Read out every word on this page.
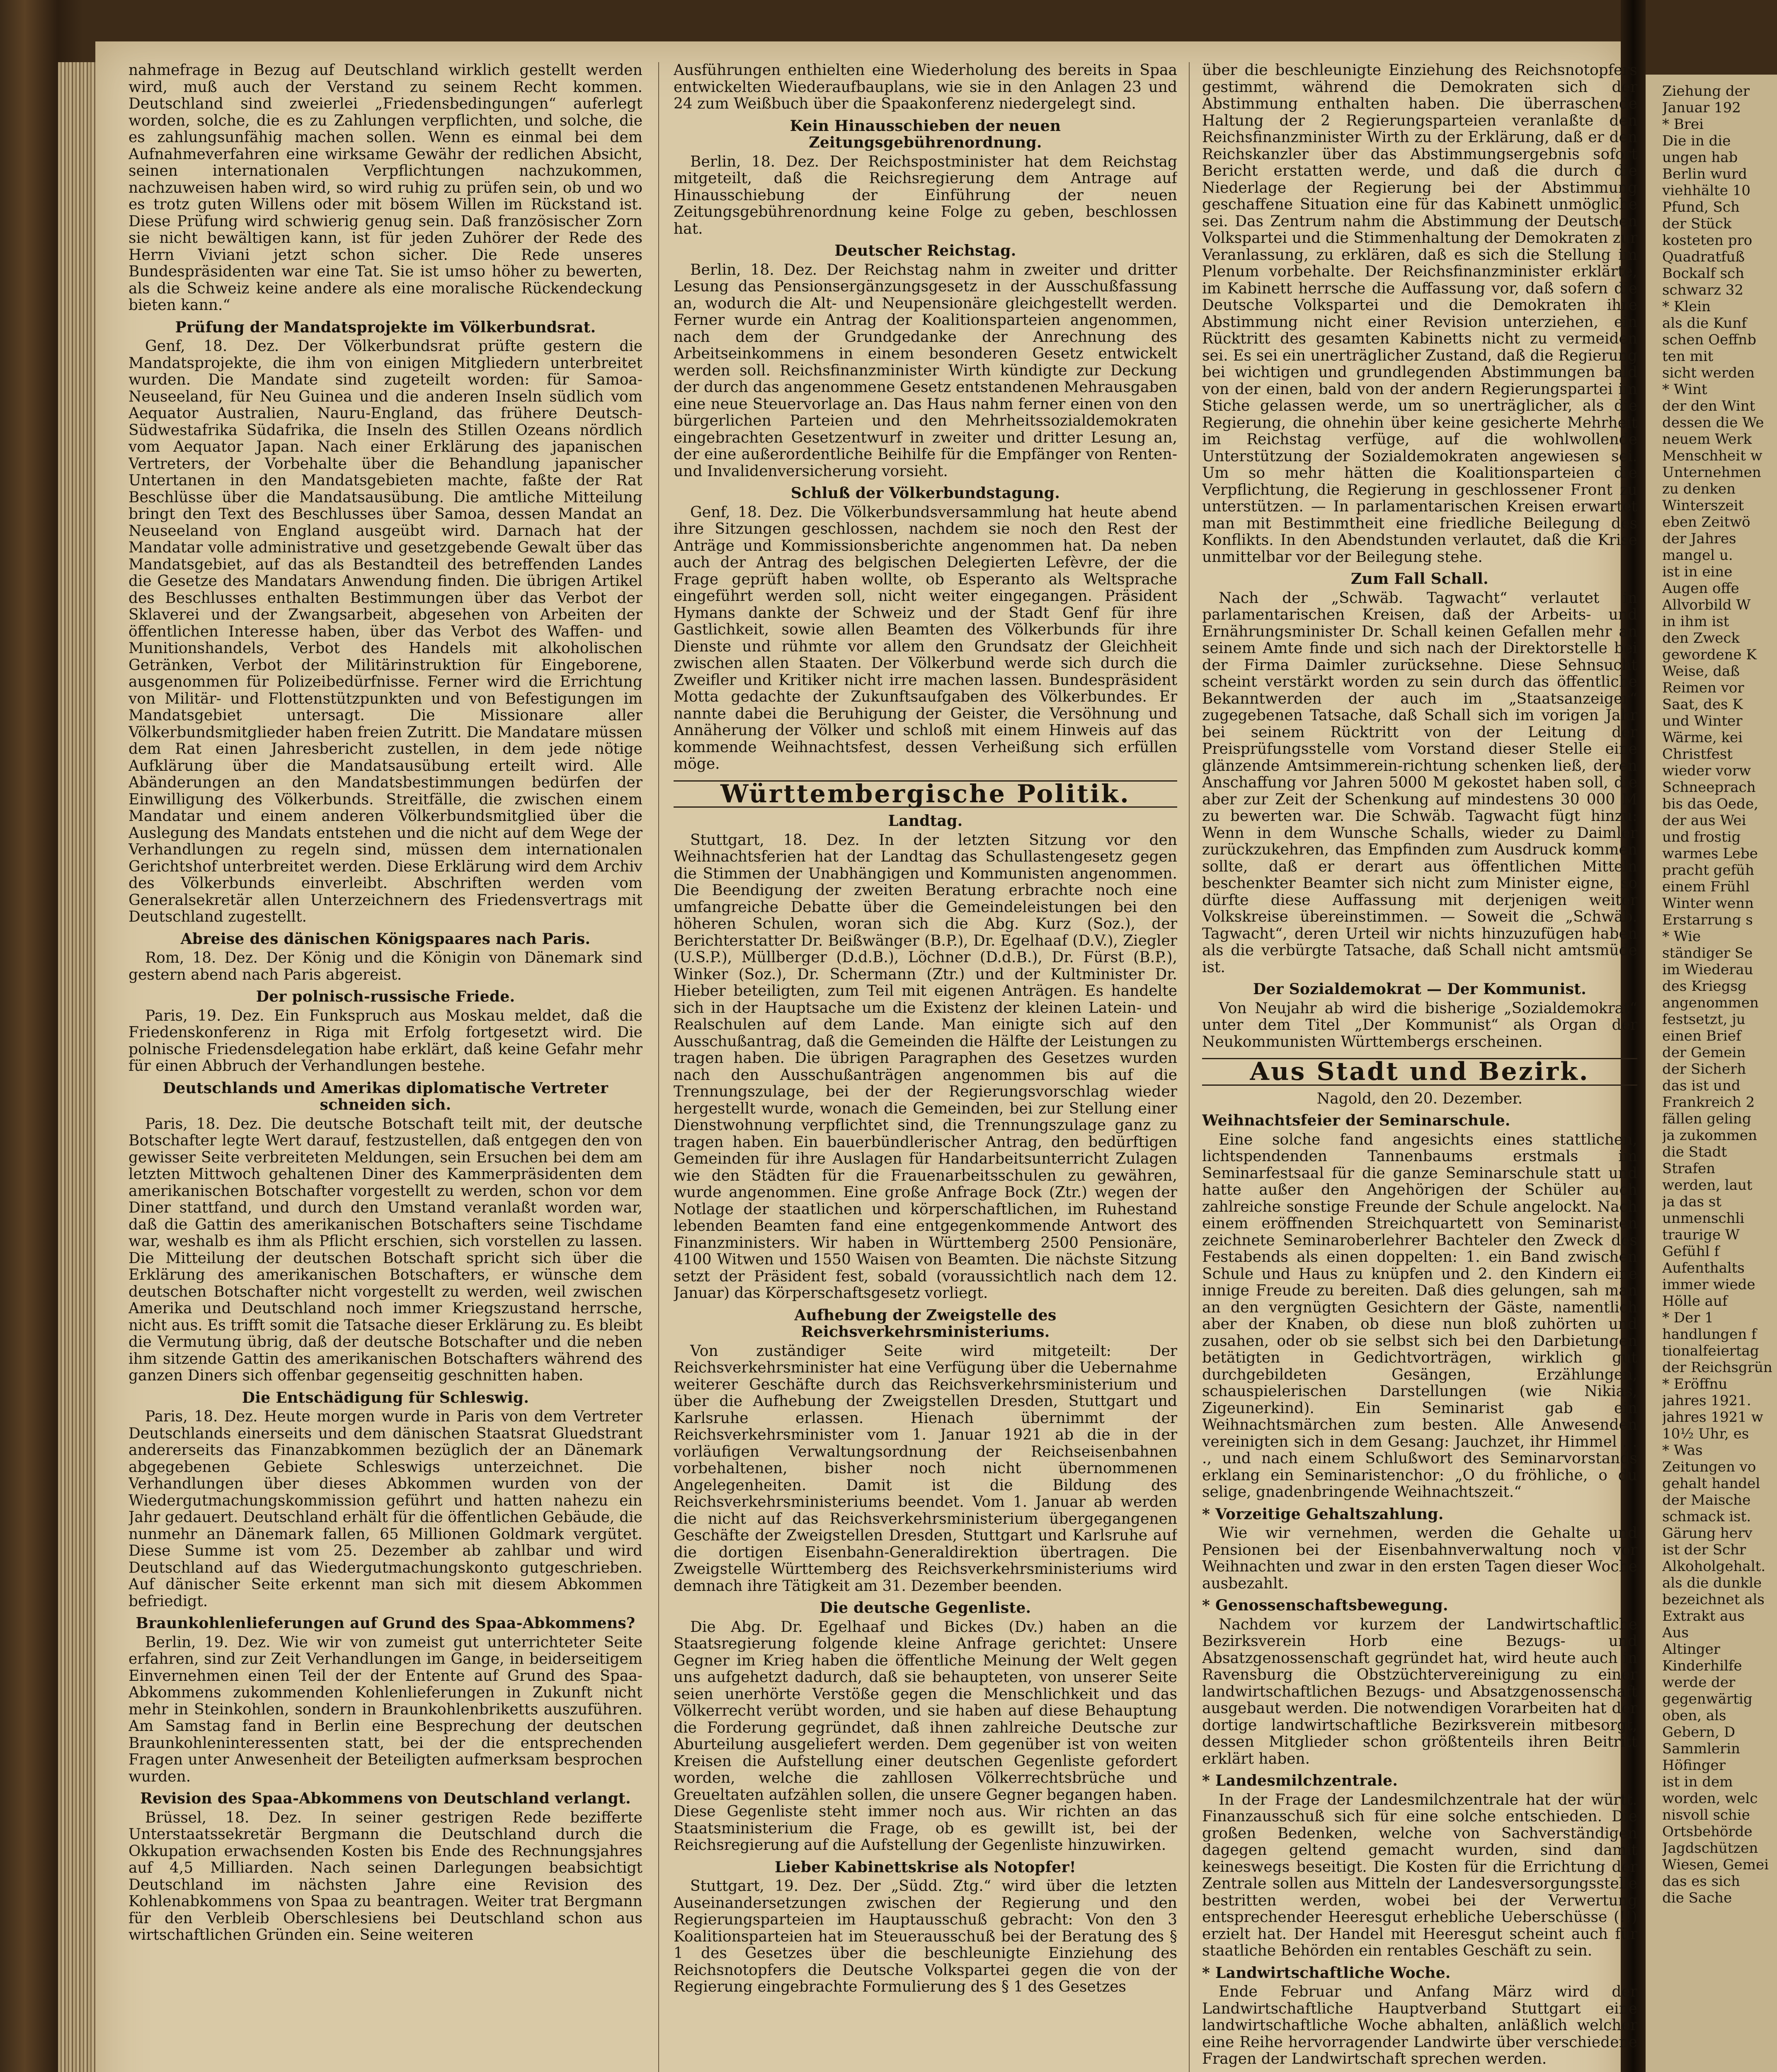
nahmefrage in Bezug auf Deutschland wirklich gestellt werden wird, muß auch der Verstand zu seinem Recht kommen. Deutschland sind zweierlei „Friedensbedingungen“ auferlegt worden, solche, die es zu Zahlungen verpflichten, und solche, die es zahlungsunfähig machen sollen. Wenn es einmal bei dem Aufnahmeverfahren eine wirksame Gewähr der redlichen Absicht, seinen internationalen Verpflichtungen nachzukommen, nachzuweisen haben wird, so wird ruhig zu prüfen sein, ob und wo es trotz guten Willens oder mit bösem Willen im Rückstand ist. Diese Prüfung wird schwierig genug sein. Daß französischer Zorn sie nicht bewältigen kann, ist für jeden Zuhörer der Rede des Herrn Viviani jetzt schon sicher. Die Rede unseres Bundespräsidenten war eine Tat. Sie ist umso höher zu bewerten, als die Schweiz keine andere als eine moralische Rückendeckung bieten kann.“

Prüfung der Mandatsprojekte im Völkerbundsrat.

Genf, 18. Dez. Der Völkerbundsrat prüfte gestern die Mandatsprojekte, die ihm von einigen Mitgliedern unterbreitet wurden. Die Mandate sind zugeteilt worden: für Samoa-Neuseeland, für Neu Guinea und die anderen Inseln südlich vom Aequator Australien, Nauru-England, das frühere Deutsch-Südwestafrika Südafrika, die Inseln des Stillen Ozeans nördlich vom Aequator Japan. Nach einer Erklärung des japanischen Vertreters, der Vorbehalte über die Behandlung japanischer Untertanen in den Mandatsgebieten machte, faßte der Rat Beschlüsse über die Mandatsausübung. Die amtliche Mitteilung bringt den Text des Beschlusses über Samoa, dessen Mandat an Neuseeland von England ausgeübt wird. Darnach hat der Mandatar volle administrative und gesetzgebende Gewalt über das Mandatsgebiet, auf das als Bestandteil des betreffenden Landes die Gesetze des Mandatars Anwendung finden. Die übrigen Artikel des Beschlusses enthalten Bestimmungen über das Verbot der Sklaverei und der Zwangsarbeit, abgesehen von Arbeiten der öffentlichen Interesse haben, über das Verbot des Waffen- und Munitionshandels, Verbot des Handels mit alkoholischen Getränken, Verbot der Militärinstruktion für Eingeborene, ausgenommen für Polizeibedürfnisse. Ferner wird die Errichtung von Militär- und Flottenstützpunkten und von Befestigungen im Mandatsgebiet untersagt. Die Missionare aller Völkerbundsmitglieder haben freien Zutritt. Die Mandatare müssen dem Rat einen Jahresbericht zustellen, in dem jede nötige Aufklärung über die Mandatsausübung erteilt wird. Alle Abänderungen an den Mandatsbestimmungen bedürfen der Einwilligung des Völkerbunds. Streitfälle, die zwischen einem Mandatar und einem anderen Völkerbundsmitglied über die Auslegung des Mandats entstehen und die nicht auf dem Wege der Verhandlungen zu regeln sind, müssen dem internationalen Gerichtshof unterbreitet werden. Diese Erklärung wird dem Archiv des Völkerbunds einverleibt. Abschriften werden vom Generalsekretär allen Unterzeichnern des Friedensvertrags mit Deutschland zugestellt.

Abreise des dänischen Königspaares nach Paris.

Rom, 18. Dez. Der König und die Königin von Dänemark sind gestern abend nach Paris abgereist.

Der polnisch-russische Friede.

Paris, 19. Dez. Ein Funkspruch aus Moskau meldet, daß die Friedenskonferenz in Riga mit Erfolg fortgesetzt wird. Die polnische Friedensdelegation habe erklärt, daß keine Gefahr mehr für einen Abbruch der Verhandlungen bestehe.

Deutschlands und Amerikas diplomatische Vertreter schneiden sich.

Paris, 18. Dez. Die deutsche Botschaft teilt mit, der deutsche Botschafter legte Wert darauf, festzustellen, daß entgegen den von gewisser Seite verbreiteten Meldungen, sein Ersuchen bei dem am letzten Mittwoch gehaltenen Diner des Kammerpräsidenten dem amerikanischen Botschafter vorgestellt zu werden, schon vor dem Diner stattfand, und durch den Umstand veranlaßt worden war, daß die Gattin des amerikanischen Botschafters seine Tischdame war, weshalb es ihm als Pflicht erschien, sich vorstellen zu lassen. Die Mitteilung der deutschen Botschaft spricht sich über die Erklärung des amerikanischen Botschafters, er wünsche dem deutschen Botschafter nicht vorgestellt zu werden, weil zwischen Amerika und Deutschland noch immer Kriegszustand herrsche, nicht aus. Es trifft somit die Tatsache dieser Erklärung zu. Es bleibt die Vermutung übrig, daß der deutsche Botschafter und die neben ihm sitzende Gattin des amerikanischen Botschafters während des ganzen Diners sich offenbar gegenseitig geschnitten haben.

Die Entschädigung für Schleswig.

Paris, 18. Dez. Heute morgen wurde in Paris von dem Vertreter Deutschlands einerseits und dem dänischen Staatsrat Gluedstrant andererseits das Finanzabkommen bezüglich der an Dänemark abgegebenen Gebiete Schleswigs unterzeichnet. Die Verhandlungen über dieses Abkommen wurden von der Wiedergutmachungskommission geführt und hatten nahezu ein Jahr gedauert. Deutschland erhält für die öffentlichen Gebäude, die nunmehr an Dänemark fallen, 65 Millionen Goldmark vergütet. Diese Summe ist vom 25. Dezember ab zahlbar und wird Deutschland auf das Wiedergutmachungskonto gutgeschrieben. Auf dänischer Seite erkennt man sich mit diesem Abkommen befriedigt.

Braunkohlenlieferungen auf Grund des Spaa-Abkommens?

Berlin, 19. Dez. Wie wir von zumeist gut unterrichteter Seite erfahren, sind zur Zeit Verhandlungen im Gange, in beiderseitigem Einvernehmen einen Teil der der Entente auf Grund des Spaa-Abkommens zukommenden Kohlenlieferungen in Zukunft nicht mehr in Steinkohlen, sondern in Braunkohlenbriketts auszuführen. Am Samstag fand in Berlin eine Besprechung der deutschen Braunkohleninteressenten statt, bei der die entsprechenden Fragen unter Anwesenheit der Beteiligten aufmerksam besprochen wurden.

Revision des Spaa-Abkommens von Deutschland verlangt.

Brüssel, 18. Dez. In seiner gestrigen Rede bezifferte Unterstaatssekretär Bergmann die Deutschland durch die Okkupation erwachsenden Kosten bis Ende des Rechnungsjahres auf 4,5 Milliarden. Nach seinen Darlegungen beabsichtigt Deutschland im nächsten Jahre eine Revision des Kohlenabkommens von Spaa zu beantragen. Weiter trat Bergmann für den Verbleib Oberschlesiens bei Deutschland schon aus wirtschaftlichen Gründen ein. Seine weiteren

Ausführungen enthielten eine Wiederholung des bereits in Spaa entwickelten Wiederaufbauplans, wie sie in den Anlagen 23 und 24 zum Weißbuch über die Spaakonferenz niedergelegt sind.

Kein Hinausschieben der neuen Zeitungsgebührenordnung.

Berlin, 18. Dez. Der Reichspostminister hat dem Reichstag mitgeteilt, daß die Reichsregierung dem Antrage auf Hinausschiebung der Einführung der neuen Zeitungsgebührenordnung keine Folge zu geben, beschlossen hat.

Deutscher Reichstag.

Berlin, 18. Dez. Der Reichstag nahm in zweiter und dritter Lesung das Pensionsergänzungsgesetz in der Ausschußfassung an, wodurch die Alt- und Neupensionäre gleichgestellt werden. Ferner wurde ein Antrag der Koalitionsparteien angenommen, nach dem der Grundgedanke der Anrechnung des Arbeitseinkommens in einem besonderen Gesetz entwickelt werden soll. Reichsfinanzminister Wirth kündigte zur Deckung der durch das angenommene Gesetz entstandenen Mehrausgaben eine neue Steuervorlage an. Das Haus nahm ferner einen von den bürgerlichen Parteien und den Mehrheitssozialdemokraten eingebrachten Gesetzentwurf in zweiter und dritter Lesung an, der eine außerordentliche Beihilfe für die Empfänger von Renten- und Invalidenversicherung vorsieht.

Schluß der Völkerbundstagung.

Genf, 18. Dez. Die Völkerbundsversammlung hat heute abend ihre Sitzungen geschlossen, nachdem sie noch den Rest der Anträge und Kommissionsberichte angenommen hat. Da neben auch der Antrag des belgischen Delegierten Lefèvre, der die Frage geprüft haben wollte, ob Esperanto als Weltsprache eingeführt werden soll, nicht weiter eingegangen. Präsident Hymans dankte der Schweiz und der Stadt Genf für ihre Gastlichkeit, sowie allen Beamten des Völkerbunds für ihre Dienste und rühmte vor allem den Grundsatz der Gleichheit zwischen allen Staaten. Der Völkerbund werde sich durch die Zweifler und Kritiker nicht irre machen lassen. Bundespräsident Motta gedachte der Zukunftsaufgaben des Völkerbundes. Er nannte dabei die Beruhigung der Geister, die Versöhnung und Annäherung der Völker und schloß mit einem Hinweis auf das kommende Weihnachtsfest, dessen Verheißung sich erfüllen möge.

Württembergische Politik.
Landtag.

Stuttgart, 18. Dez. In der letzten Sitzung vor den Weihnachtsferien hat der Landtag das Schullastengesetz gegen die Stimmen der Unabhängigen und Kommunisten angenommen. Die Beendigung der zweiten Beratung erbrachte noch eine umfangreiche Debatte über die Gemeindeleistungen bei den höheren Schulen, woran sich die Abg. Kurz (Soz.), der Berichterstatter Dr. Beißwänger (B.P.), Dr. Egelhaaf (D.V.), Ziegler (U.S.P.), Müllberger (D.d.B.), Löchner (D.d.B.), Dr. Fürst (B.P.), Winker (Soz.), Dr. Schermann (Ztr.) und der Kultminister Dr. Hieber beteiligten, zum Teil mit eigenen Anträgen. Es handelte sich in der Hauptsache um die Existenz der kleinen Latein- und Realschulen auf dem Lande. Man einigte sich auf den Ausschußantrag, daß die Gemeinden die Hälfte der Leistungen zu tragen haben. Die übrigen Paragraphen des Gesetzes wurden nach den Ausschußanträgen angenommen bis auf die Trennungszulage, bei der der Regierungsvorschlag wieder hergestellt wurde, wonach die Gemeinden, bei zur Stellung einer Dienstwohnung verpflichtet sind, die Trennungszulage ganz zu tragen haben. Ein bauerbündlerischer Antrag, den bedürftigen Gemeinden für ihre Auslagen für Handarbeitsunterricht Zulagen wie den Städten für die Frauenarbeitsschulen zu gewähren, wurde angenommen. Eine große Anfrage Bock (Ztr.) wegen der Notlage der staatlichen und körperschaftlichen, im Ruhestand lebenden Beamten fand eine entgegenkommende Antwort des Finanzministers. Wir haben in Württemberg 2500 Pensionäre, 4100 Witwen und 1550 Waisen von Beamten. Die nächste Sitzung setzt der Präsident fest, sobald (voraussichtlich nach dem 12. Januar) das Körperschaftsgesetz vorliegt.

Aufhebung der Zweigstelle des Reichsverkehrsministeriums.

Von zuständiger Seite wird mitgeteilt: Der Reichsverkehrsminister hat eine Verfügung über die Uebernahme weiterer Geschäfte durch das Reichsverkehrsministerium und über die Aufhebung der Zweigstellen Dresden, Stuttgart und Karlsruhe erlassen. Hienach übernimmt der Reichsverkehrsminister vom 1. Januar 1921 ab die in der vorläufigen Verwaltungsordnung der Reichseisenbahnen vorbehaltenen, bisher noch nicht übernommenen Angelegenheiten. Damit ist die Bildung des Reichsverkehrsministeriums beendet. Vom 1. Januar ab werden die nicht auf das Reichsverkehrsministerium übergegangenen Geschäfte der Zweigstellen Dresden, Stuttgart und Karlsruhe auf die dortigen Eisenbahn-Generaldirektion übertragen. Die Zweigstelle Württemberg des Reichsverkehrsministeriums wird demnach ihre Tätigkeit am 31. Dezember beenden.

Die deutsche Gegenliste.

Die Abg. Dr. Egelhaaf und Bickes (Dv.) haben an die Staatsregierung folgende kleine Anfrage gerichtet: Unsere Gegner im Krieg haben die öffentliche Meinung der Welt gegen uns aufgehetzt dadurch, daß sie behaupteten, von unserer Seite seien unerhörte Verstöße gegen die Menschlichkeit und das Völkerrecht verübt worden, und sie haben auf diese Behauptung die Forderung gegründet, daß ihnen zahlreiche Deutsche zur Aburteilung ausgeliefert werden. Dem gegenüber ist von weiten Kreisen die Aufstellung einer deutschen Gegenliste gefordert worden, welche die zahllosen Völkerrechtsbrüche und Greueltaten aufzählen sollen, die unsere Gegner begangen haben. Diese Gegenliste steht immer noch aus. Wir richten an das Staatsministerium die Frage, ob es gewillt ist, bei der Reichsregierung auf die Aufstellung der Gegenliste hinzuwirken.

Lieber Kabinettskrise als Notopfer!

Stuttgart, 19. Dez. Der „Südd. Ztg.“ wird über die letzten Auseinandersetzungen zwischen der Regierung und den Regierungsparteien im Hauptausschuß gebracht: Von den 3 Koalitionsparteien hat im Steuerausschuß bei der Beratung des § 1 des Gesetzes über die beschleunigte Einziehung des Reichsnotopfers die Deutsche Volkspartei gegen die von der Regierung eingebrachte Formulierung des § 1 des Gesetzes

über die beschleunigte Einziehung des Reichsnotopfers gestimmt, während die Demokraten sich der Abstimmung enthalten haben. Die überraschende Haltung der 2 Regierungsparteien veranlaßte den Reichsfinanzminister Wirth zu der Erklärung, daß er den Reichskanzler über das Abstimmungsergebnis sofort Bericht erstatten werde, und daß die durch die Niederlage der Regierung bei der Abstimmung geschaffene Situation eine für das Kabinett unmögliche sei. Das Zentrum nahm die Abstimmung der Deutschen Volkspartei und die Stimmenhaltung der Demokraten zur Veranlassung, zu erklären, daß es sich die Stellung im Plenum vorbehalte. Der Reichsfinanzminister erklärte, im Kabinett herrsche die Auffassung vor, daß sofern die Deutsche Volkspartei und die Demokraten ihre Abstimmung nicht einer Revision unterziehen, ein Rücktritt des gesamten Kabinetts nicht zu vermeiden sei. Es sei ein unerträglicher Zustand, daß die Regierung bei wichtigen und grundlegenden Abstimmungen bald von der einen, bald von der andern Regierungspartei im Stiche gelassen werde, um so unerträglicher, als die Regierung, die ohnehin über keine gesicherte Mehrheit im Reichstag verfüge, auf die wohlwollende Unterstützung der Sozialdemokraten angewiesen sei. Um so mehr hätten die Koalitionsparteien die Verpflichtung, die Regierung in geschlossener Front zu unterstützen. — In parlamentarischen Kreisen erwartet man mit Bestimmtheit eine friedliche Beilegung des Konflikts. In den Abendstunden verlautet, daß die Krise unmittelbar vor der Beilegung stehe.

Zum Fall Schall.

Nach der „Schwäb. Tagwacht“ verlautet in parlamentarischen Kreisen, daß der Arbeits- und Ernährungsminister Dr. Schall keinen Gefallen mehr an seinem Amte finde und sich nach der Direktorstelle bei der Firma Daimler zurücksehne. Diese Sehnsucht scheint verstärkt worden zu sein durch das öffentliche Bekanntwerden der auch im „Staatsanzeiger“ zugegebenen Tatsache, daß Schall sich im vorigen Jahr bei seinem Rücktritt von der Leitung der Preisprüfungsstelle vom Vorstand dieser Stelle eine glänzende Amtsimmerein-richtung schenken ließ, deren Anschaffung vor Jahren 5000 M gekostet haben soll, die aber zur Zeit der Schenkung auf mindestens 30 000 M zu bewerten war. Die Schwäb. Tagwacht fügt hinzu: Wenn in dem Wunsche Schalls, wieder zu Daimler zurückzukehren, das Empfinden zum Ausdruck kommen sollte, daß er derart aus öffentlichen Mitteln beschenkter Beamter sich nicht zum Minister eigne, so dürfte diese Auffassung mit derjenigen weiter Volkskreise übereinstimmen. — Soweit die „Schwäb. Tagwacht“, deren Urteil wir nichts hinzuzufügen haben als die verbürgte Tatsache, daß Schall nicht amtsmüde ist.

Der Sozialdemokrat — Der Kommunist.

Von Neujahr ab wird die bisherige „Sozialdemokrat“ unter dem Titel „Der Kommunist“ als Organ der Neukommunisten Württembergs erscheinen.

Aus Stadt und Bezirk.
Nagold, den 20. Dezember.
Weihnachtsfeier der Seminarschule.

Eine solche fand angesichts eines stattlichen, lichtspendenden Tannenbaums erstmals im Seminarfestsaal für die ganze Seminarschule statt und hatte außer den Angehörigen der Schüler auch zahlreiche sonstige Freunde der Schule angelockt. Nach einem eröffnenden Streichquartett von Seminaristen zeichnete Seminaroberlehrer Bachteler den Zweck des Festabends als einen doppelten: 1. ein Band zwischen Schule und Haus zu knüpfen und 2. den Kindern eine innige Freude zu bereiten. Daß dies gelungen, sah man an den vergnügten Gesichtern der Gäste, namentlich aber der Knaben, ob diese nun bloß zuhörten und zusahen, oder ob sie selbst sich bei den Darbietungen betätigten in Gedichtvorträgen, wirklich gut durchgebildeten Gesängen, Erzählungen, schauspielerischen Darstellungen (wie Nikias, Zigeunerkind). Ein Seminarist gab ein Weihnachtsmärchen zum besten. Alle Anwesenden vereinigten sich in dem Gesang: Jauchzet, ihr Himmel . . ., und nach einem Schlußwort des Seminarvorstands erklang ein Seminaristenchor: „O du fröhliche, o du selige, gnadenbringende Weihnachtszeit.“

* Vorzeitige Gehaltszahlung.

Wie wir vernehmen, werden die Gehalte und Pensionen bei der Eisenbahnverwaltung noch vor Weihnachten und zwar in den ersten Tagen dieser Woche ausbezahlt.

* Genossenschaftsbewegung.

Nachdem vor kurzem der Landwirtschaftliche Bezirksverein Horb eine Bezugs- und Absatzgenossenschaft gegründet hat, wird heute auch in Ravensburg die Obstzüchtervereinigung zu einer landwirtschaftlichen Bezugs- und Absatzgenossenschaft ausgebaut werden. Die notwendigen Vorarbeiten hat der dortige landwirtschaftliche Bezirksverein mitbesorgt, dessen Mitglieder schon größtenteils ihren Beitritt erklärt haben.

* Landesmilchzentrale.

In der Frage der Landesmilchzentrale hat der württ. Finanzausschuß sich für eine solche entschieden. Die großen Bedenken, welche von Sachverständigen dagegen geltend gemacht wurden, sind damit keineswegs beseitigt. Die Kosten für die Errichtung der Zentrale sollen aus Mitteln der Landesversorgungsstelle bestritten werden, wobei bei der Verwertung entsprechender Heeresgut erhebliche Ueberschüsse (!!) erzielt hat. Der Handel mit Heeresgut scheint auch für staatliche Behörden ein rentables Geschäft zu sein.

* Landwirtschaftliche Woche.

Ende Februar und Anfang März wird der Landwirtschaftliche Hauptverband Stuttgart eine landwirtschaftliche Woche abhalten, anläßlich welcher eine Reihe hervorragender Landwirte über verschiedene Fragen der Landwirtschaft sprechen werden.

Ziehung der
Januar 192
* Brei
Die in die
ungen hab
Berlin wurd
viehhälte 10
Pfund, Sch
der Stück
kosteten pro
Quadratfuß
Bockalf sch
schwarz 32
* Klein
als die Kunf
schen Oeffnb
ten mit
sicht werden
* Wint
der den Wint
dessen die We
neuem Werk
Menschheit w
Unternehmen
zu denken
Winterszeit
eben Zeitwö
der Jahres
mangel u.
ist in eine
Augen offe
Allvorbild W
in ihm ist
den Zweck
gewordene K
Weise, daß
Reimen vor
Saat, des K
und Winter
Wärme, kei
Christfest
wieder vorw
Schneeprach
bis das Oede,
der aus Wei
und frostig
warmes Lebe
pracht gefüh
einem Frühl
Winter wenn
Erstarrung s
* Wie
ständiger Se
im Wiederau
des Kriegsg
angenommen
festsetzt, ju
einen Brief
der Gemein
der Sicherh
das ist und
Frankreich 2
fällen geling
ja zukommen
die Stadt
Strafen
werden, laut
ja das st
unmenschli
traurige W
Gefühl f
Aufenthalts
immer wiede
Hölle auf
* Der 1
handlungen f
tionalfeiertag
der Reichsgrün
* Eröffnu
jahres 1921.
jahres 1921 w
10½ Uhr, es
* Was
Zeitungen vo
gehalt handel
der Maische
schmack ist.
Gärung herv
ist der Schr
Alkoholgehalt.
als die dunkle
bezeichnet als
Extrakt aus
Aus
Altinger
Kinderhilfe
werde der
gegenwärtig
oben, als
Gebern, D
Sammlerin
Höfinger
ist in dem
worden, welc
nisvoll schie
Ortsbehörde
Jagdschützen
Wiesen, Gemei
das es sich
die Sache
